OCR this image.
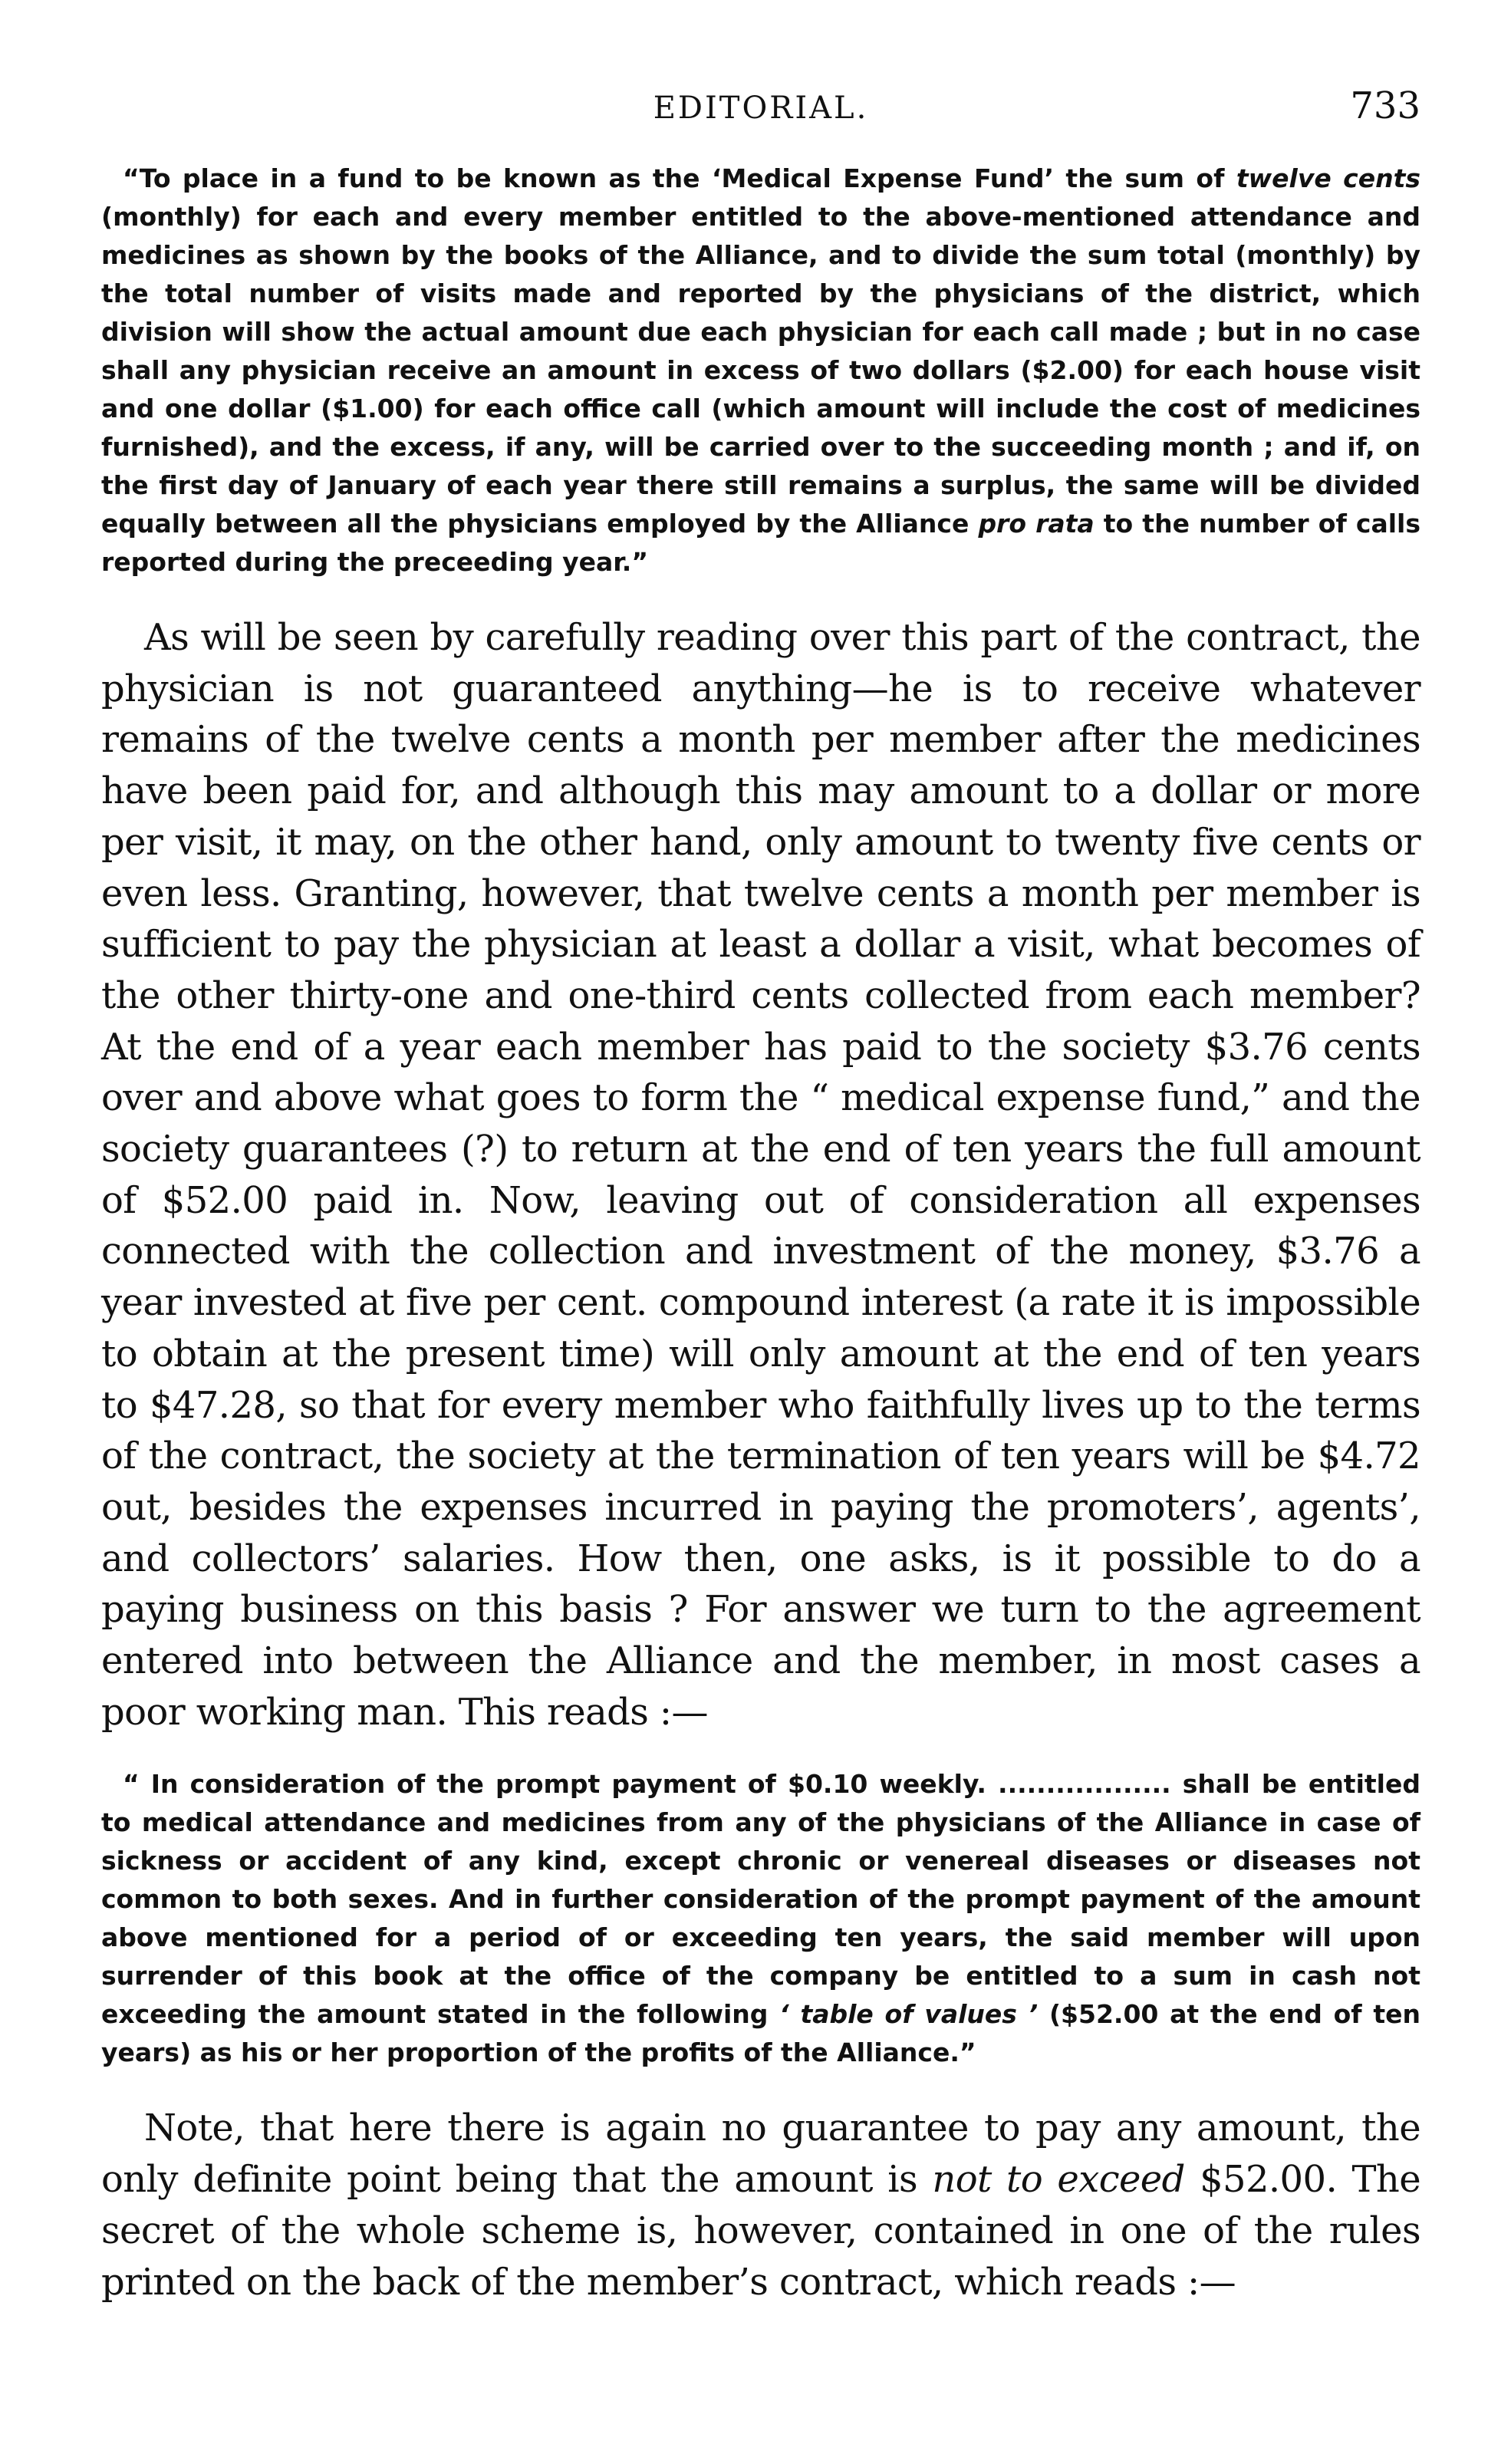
EDITORIAL.	733

“To place in a fund to be known as the ‘Medical Expense Fund’ the sum of twelve cents (monthly) for each and every member entitled to the above-mentioned attendance and medicines as shown by the books of the Alliance, and to divide the sum total (monthly) by the total number of visits made and reported by the physicians of the district, which division will show the actual amount due each physician for each call made ; but in no case shall any physician receive an amount in excess of two dollars ($2.00) for each house visit and one dollar ($1.00) for each office call (which amount will include the cost of medicines furnished), and the excess, if any, will be carried over to the succeeding month ; and if, on the first day of January of each year there still remains a surplus, the same will be divided equally between all the physicians employed by the Alliance pro rata to the number of calls reported during the preceeding year.”

As will be seen by carefully reading over this part of the contract, the physician is not guaranteed anything—he is to receive whatever remains of the twelve cents a month per member after the medicines have been paid for, and although this may amount to a dollar or more per visit, it may, on the other hand, only amount to twenty five cents or even less. Granting, however, that twelve cents a month per member is sufficient to pay the physician at least a dollar a visit, what becomes of the other thirty-one and one-third cents collected from each member? At the end of a year each member has paid to the society $3.76 cents over and above what goes to form the “ medical expense fund,” and the society guarantees (?) to return at the end of ten years the full amount of $52.00 paid in. Now, leaving out of consideration all expenses connected with the collection and investment of the money, $3.76 a year invested at five per cent. compound interest (a rate it is impossible to obtain at the present time) will only amount at the end of ten years to $47.28, so that for every member who faithfully lives up to the terms of the contract, the society at the termination of ten years will be $4.72 out, besides the expenses incurred in paying the promoters’, agents’, and collectors’ salaries. How then, one asks, is it possible to do a paying business on this basis ? For answer we turn to the agreement entered into between the Alliance and the member, in most cases a poor working man. This reads :—

“ In consideration of the prompt payment of $0.10 weekly. .................. shall be entitled to medical attendance and medicines from any of the physicians of the Alliance in case of sickness or accident of any kind, except chronic or venereal diseases or diseases not common to both sexes. And in further consideration of the prompt payment of the amount above mentioned for a period of or exceeding ten years, the said member will upon surrender of this book at the office of the company be entitled to a sum in cash not exceeding the amount stated in the following ‘ table of values ’ ($52.00 at the end of ten years) as his or her proportion of the profits of the Alliance.”

Note, that here there is again no guarantee to pay any amount, the only definite point being that the amount is not to exceed $52.00. The secret of the whole scheme is, however, contained in one of the rules printed on the back of the member’s contract, which reads :—
